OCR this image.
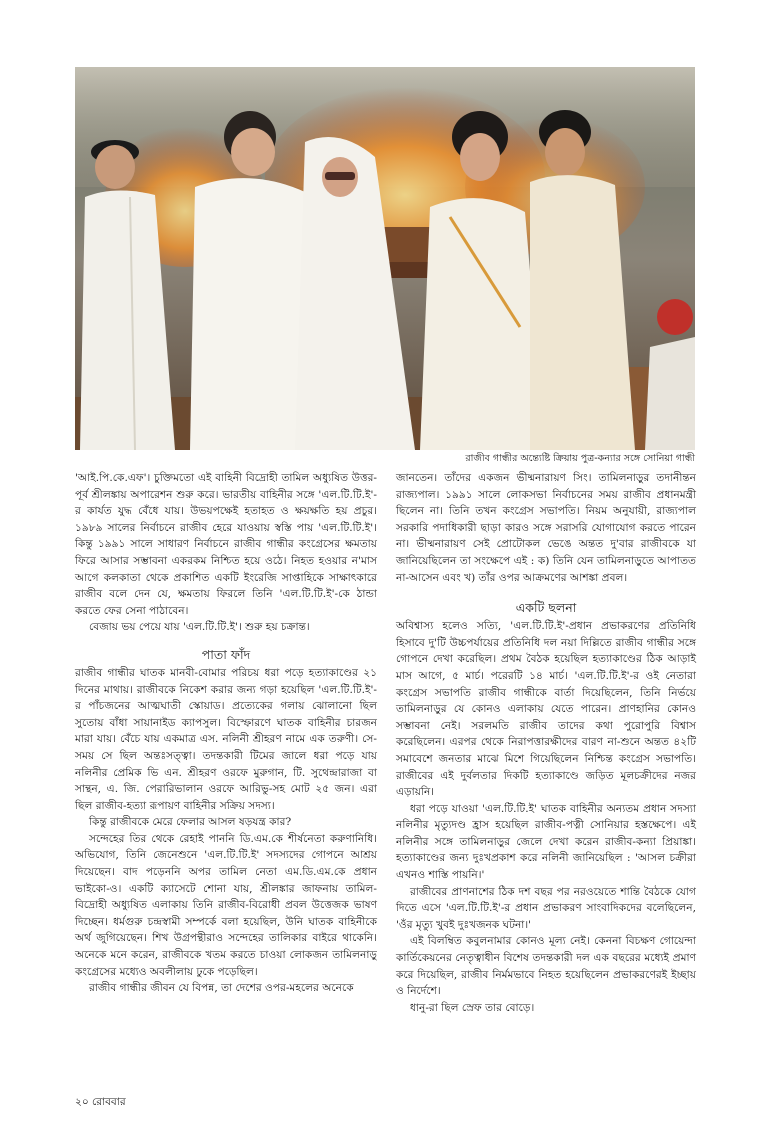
রাজীব গান্ধীর অন্ত্যেষ্টি ক্রিয়ায় পুত্র-কন্যার সঙ্গে সোনিয়া গান্ধী

'আই.পি.কে.এফ'। চুক্তিমতো এই বাহিনী বিদ্রোহী তামিল অধ্যুষিত উত্তর-পূর্ব শ্রীলঙ্কায় অপারেশন শুরু করে। ভারতীয় বাহিনীর সঙ্গে 'এল.টি.টি.ই'-র কার্যত যুদ্ধ বেঁধে যায়। উভয়পক্ষেই হতাহত ও ক্ষয়ক্ষতি হয় প্রচুর। ১৯৮৯ সালের নির্বাচনে রাজীব হেরে যাওয়ায় স্বস্তি পায় 'এল.টি.টি.ই'। কিন্তু ১৯৯১ সালে সাধারণ নির্বাচনে রাজীব গান্ধীর কংগ্রেসের ক্ষমতায় ফিরে আসার সম্ভাবনা একরকম নিশ্চিত হয়ে ওঠে। নিহত হওয়ার ন'মাস আগে কলকাতা থেকে প্রকাশিত একটি ইংরেজি সাপ্তাহিকে সাক্ষাৎকারে রাজীব বলে দেন যে, ক্ষমতায় ফিরলে তিনি 'এল.টি.টি.ই'-কে ঠান্ডা করতে ফের সেনা পাঠাবেন।

বেজায় ভয় পেয়ে যায় 'এল.টি.টি.ই'। শুরু হয় চক্রান্ত।

পাতা ফাঁদ

রাজীব গান্ধীর ঘাতক মানবী-বোমার পরিচয় ধরা পড়ে হত্যাকাণ্ডের ২১ দিনের মাথায়। রাজীবকে নিকেশ করার জন্য গড়া হয়েছিল 'এল.টি.টি.ই'-র পাঁচজনের আত্মঘাতী স্কোয়াড। প্রত্যেকের গলায় ঝোলানো ছিল সুতোয় বাঁধা সায়ানাইড ক্যাপসুল। বিস্ফোরণে ঘাতক বাহিনীর চারজন মারা যায়। বেঁচে যায় একমাত্র এস. নলিনী শ্রীহরণ নামে এক তরুণী। সে-সময় সে ছিল অন্তঃসত্ত্বা। তদন্তকারী টিমের জালে ধরা পড়ে যায় নলিনীর প্রেমিক ভি এন. শ্রীহরণ ওরফে মুরুগান, টি. সুথেন্দ্রারাজা বা সান্থন, এ. জি. পেরারিভালান ওরফে আরিভু-সহ মোট ২৫ জন। এরা ছিল রাজীব-হত্যা রূপায়ণ বাহিনীর সক্রিয় সদস্য।

কিন্তু রাজীবকে মেরে ফেলার আসল ষড়যন্ত্র কার?

সন্দেহের তির থেকে রেহাই পাননি ডি.এম.কে শীর্ষনেতা করুণানিধি। অভিযোগ, তিনি জেনেশুনে 'এল.টি.টি.ই' সদস্যদের গোপনে আশ্রয় দিয়েছেন। বাদ পড়েননি অপর তামিল নেতা এম.ডি.এম.কে প্রধান ভাইকো-ও। একটি ক্যাসেটে শোনা যায়, শ্রীলঙ্কার জাফনায় তামিল-বিদ্রোহী অধ্যুষিত এলাকায় তিনি রাজীব-বিরোধী প্রবল উত্তেজক ভাষণ দিচ্ছেন। ধর্মগুরু চন্দ্রস্বামী সম্পর্কে বলা হয়েছিল, উনি ঘাতক বাহিনীকে অর্থ জুগিয়েছেন। শিখ উগ্রপন্থীরাও সন্দেহের তালিকার বাইরে থাকেনি। অনেকে মনে করেন, রাজীবকে খতম করতে চাওয়া লোকজন তামিলনাড়ু কংগ্রেসের মধ্যেও অবলীলায় ঢুকে পড়েছিল।

রাজীব গান্ধীর জীবন যে বিপন্ন, তা দেশের ওপর-মহলের অনেকে

জানতেন। তাঁদের একজন ভীষ্মনারায়ণ সিং। তামিলনাড়ুর তদানীন্তন রাজ্যপাল। ১৯৯১ সালে লোকসভা নির্বাচনের সময় রাজীব প্রধানমন্ত্রী ছিলেন না। তিনি তখন কংগ্রেস সভাপতি। নিয়ম অনুযায়ী, রাজ্যপাল সরকারি পদাধিকারী ছাড়া কারও সঙ্গে সরাসরি যোগাযোগ করতে পারেন না। ভীষ্মনারায়ণ সেই প্রোটোকল ভেঙে অন্তত দু'বার রাজীবকে যা জানিয়েছিলেন তা সংক্ষেপে এই : ক) তিনি যেন তামিলনাড়ুতে আপাতত না-আসেন এবং খ) তাঁর ওপর আক্রমণের আশঙ্কা প্রবল।

একটি ছলনা

অবিশ্বাস্য হলেও সত্যি, 'এল.টি.টি.ই'-প্রধান প্রভাকরণের প্রতিনিধি হিসাবে দু'টি উচ্চপর্যায়ের প্রতিনিধি দল নয়া দিল্লিতে রাজীব গান্ধীর সঙ্গে গোপনে দেখা করেছিল। প্রথম বৈঠক হয়েছিল হত্যাকাণ্ডের ঠিক আড়াই মাস আগে, ৫ মার্চ। পরেরটি ১৪ মার্চ। 'এল.টি.টি.ই'-র ওই নেতারা কংগ্রেস সভাপতি রাজীব গান্ধীকে বার্তা দিয়েছিলেন, তিনি নির্ভয়ে তামিলনাড়ুর যে কোনও এলাকায় যেতে পারেন। প্রাণহানির কোনও সম্ভাবনা নেই। সরলমতি রাজীব তাদের কথা পুরোপুরি বিশ্বাস করেছিলেন। এরপর থেকে নিরাপত্তারক্ষীদের বারণ না-শুনে অন্তত ৪২টি সমাবেশে জনতার মাঝে মিশে গিয়েছিলেন নিশ্চিন্ত কংগ্রেস সভাপতি। রাজীবের এই দুর্বলতার দিকটি হত্যাকাণ্ডে জড়িত মূলচক্রীদের নজর এড়ায়নি।

ধরা পড়ে যাওয়া 'এল.টি.টি.ই' ঘাতক বাহিনীর অন্যতম প্রধান সদস্যা নলিনীর মৃত্যুদণ্ড হ্রাস হয়েছিল রাজীব-পত্নী সোনিয়ার হস্তক্ষেপে। এই নলিনীর সঙ্গে তামিলনাড়ুর জেলে দেখা করেন রাজীব-কন্যা প্রিয়াঙ্কা। হত্যাকাণ্ডের জন্য দুঃখপ্রকাশ করে নলিনী জানিয়েছিল : 'আসল চক্রীরা এখনও শাস্তি পায়নি।'

রাজীবের প্রাণনাশের ঠিক দশ বছর পর নরওয়েতে শান্তি বৈঠকে যোগ দিতে এসে 'এল.টি.টি.ই'-র প্রধান প্রভাকরণ সাংবাদিকদের বলেছিলেন, 'ওঁর মৃত্যু খুবই দুঃখজনক ঘটনা।'

এই বিলম্বিত কবুলনামার কোনও মূল্য নেই। কেননা বিচক্ষণ গোয়েন্দা কার্তিকেয়নের নেতৃত্বাধীন বিশেষ তদন্তকারী দল এক বছরের মধ্যেই প্রমাণ করে দিয়েছিল, রাজীব নির্মমভাবে নিহত হয়েছিলেন প্রভাকরণেরই ইচ্ছায় ও নির্দেশে।

ধানু-রা ছিল স্রেফ তার বোড়ে।

২০ রোববার
